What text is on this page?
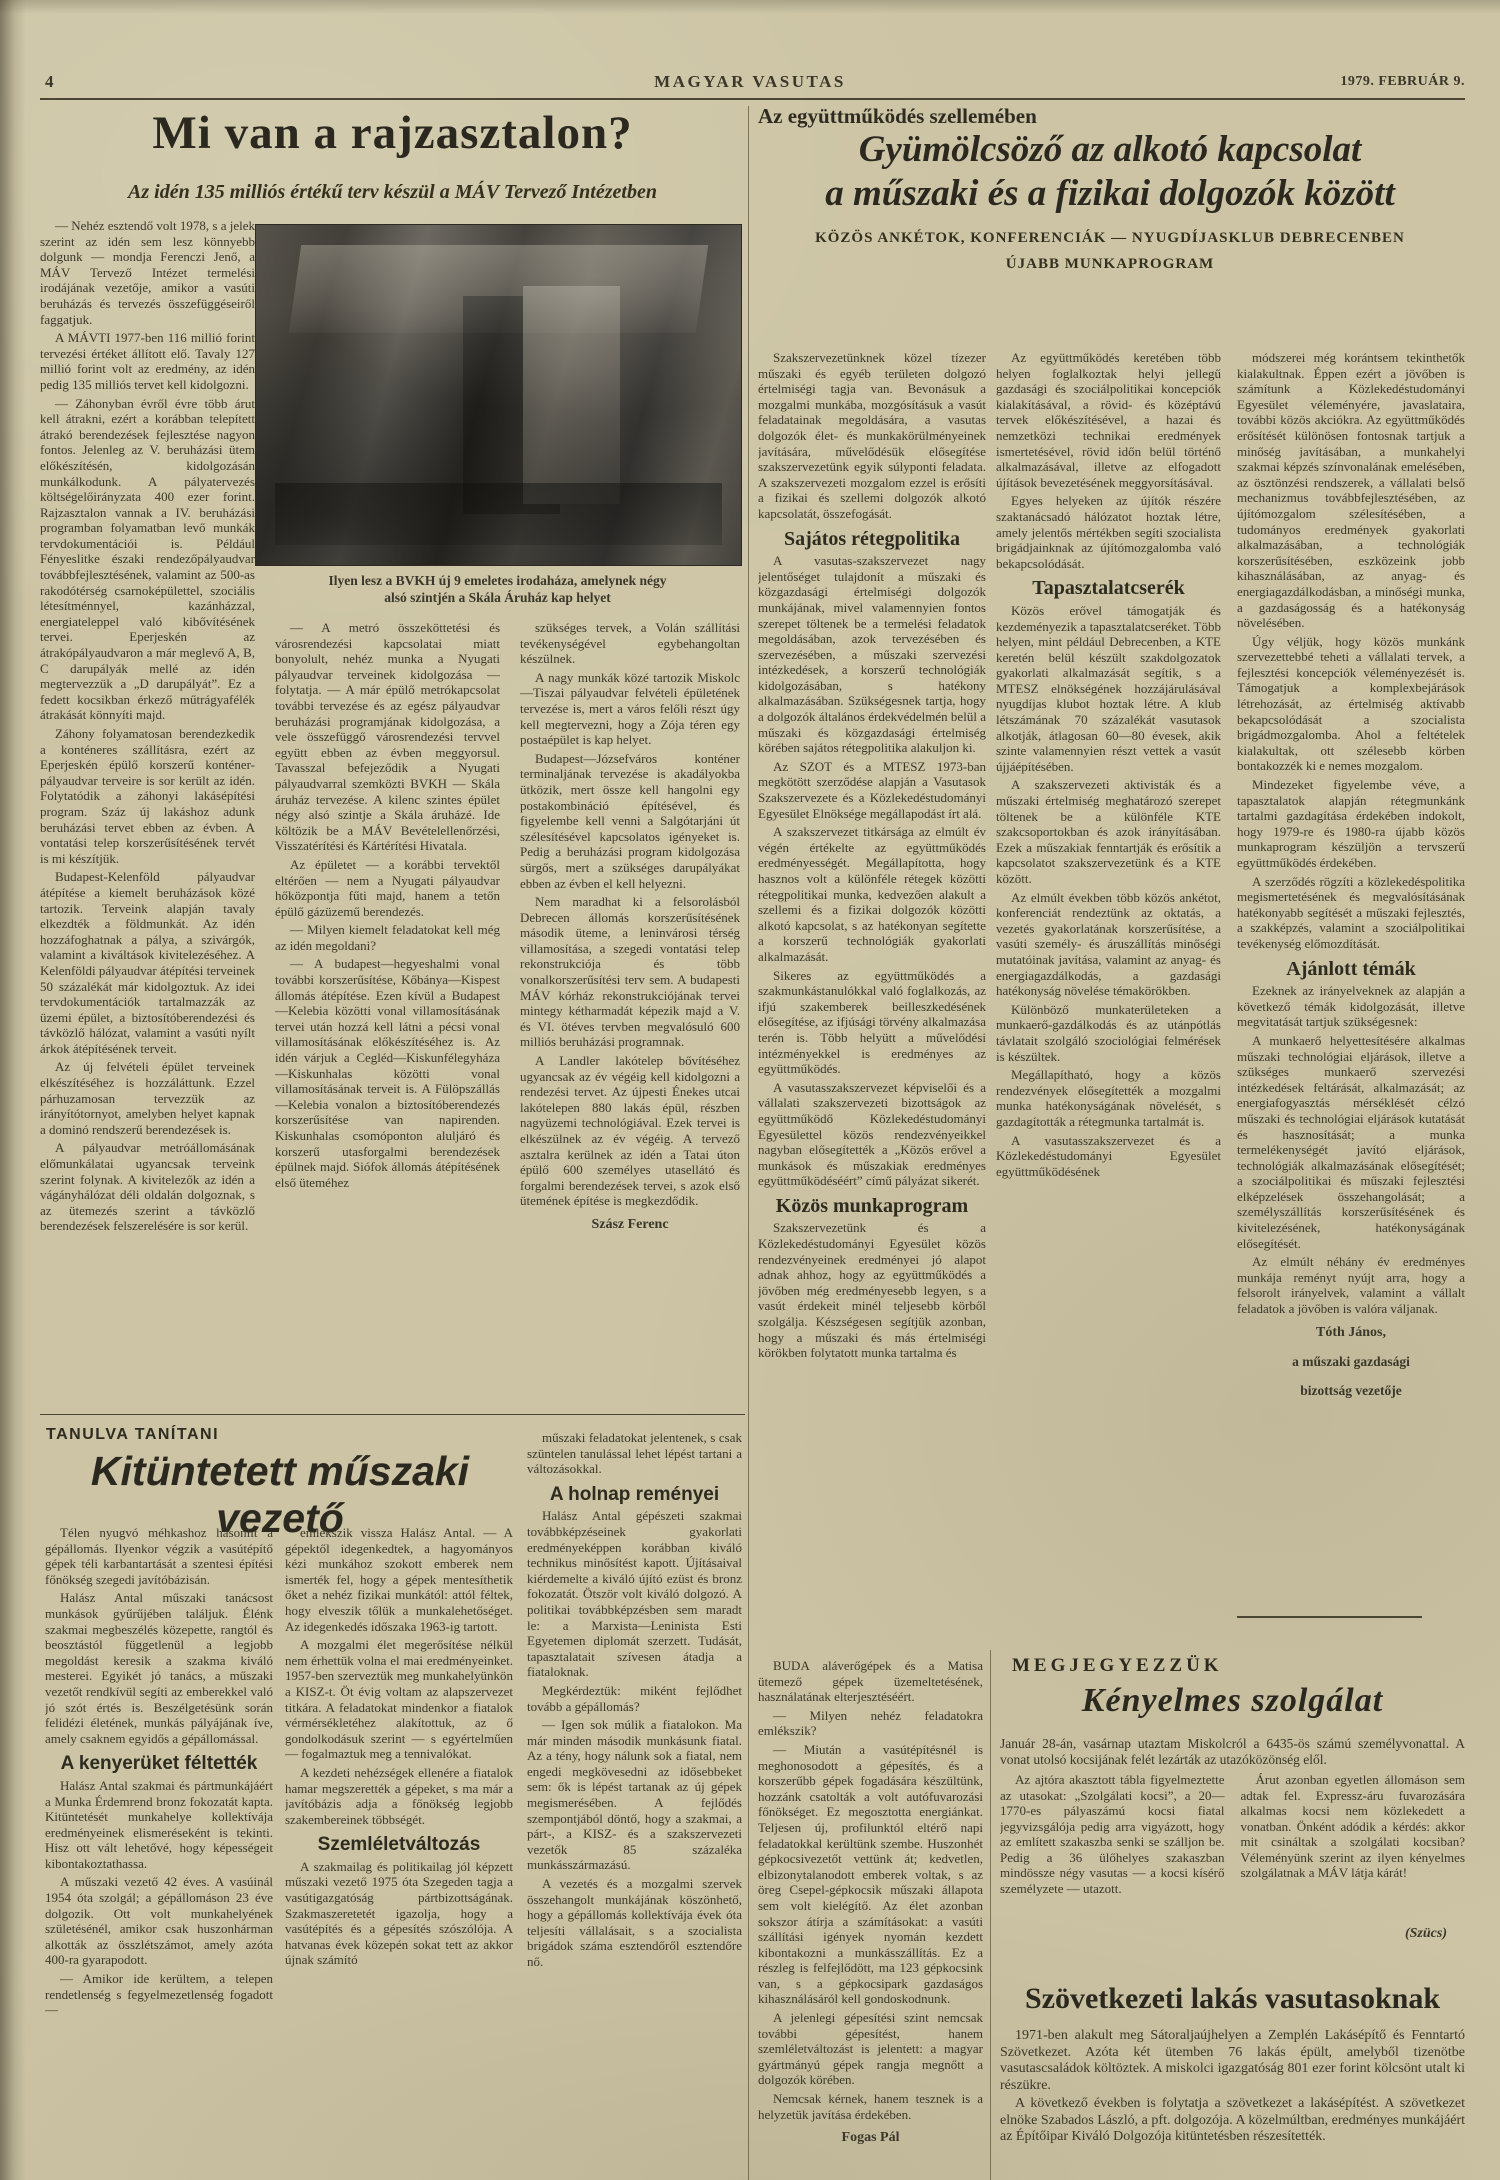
4	MAGYAR VASUTAS	1979. FEBRUÁR 9.
Mi van a rajzasztalon?
Az idén 135 milliós értékű terv készül a MÁV Tervező Intézetben

— Nehéz esztendő volt 1978, s a jelek szerint az idén sem lesz könnyebb dolgunk — mondja Ferenczi Jenő, a MÁV Tervező Intézet termelési irodájának vezetője, amikor a vasúti beruházás és tervezés összefüggéseiről faggatjuk.

A MÁVTI 1977-ben 116 millió forint tervezési értéket állított elő. Tavaly 127 millió forint volt az eredmény, az idén pedig 135 milliós tervet kell kidolgozni.

— Záhonyban évről évre több árut kell átrakni, ezért a korábban telepített átrakó berendezések fejlesztése nagyon fontos. Jelenleg az V. beruházási ütem előkészítésén, kidolgozásán munkálkodunk. A pályatervezés költségelőirányzata 400 ezer forint. Rajzasztalon vannak a IV. beruházási programban folyamatban levő munkák tervdokumentációi is. Például Fényeslitke északi rendezőpályaudvar továbbfejlesztésének, valamint az 500-as rakodótérség csarnoképülettel, szociális létesítménnyel, kazánházzal, energiateleppel való kibővítésének tervei. Eperjeskén az átrakópályaudvaron a már meglevő A, B, C darupályák mellé az idén megtervezzük a „D darupályát”. Ez a fedett kocsikban érkező műtrágyafélék átrakását könnyíti majd.

Záhony folyamatosan berendezkedik a konténeres szállításra, ezért az Eperjeskén épülő korszerű konténer-pályaudvar terveire is sor került az idén. Folytatódik a záhonyi lakásépítési program. Száz új lakáshoz adunk beruházási tervet ebben az évben. A vontatási telep korszerűsítésének tervét is mi készítjük.

Budapest-Kelenföld pályaudvar átépítése a kiemelt beruházások közé tartozik. Terveink alapján tavaly elkezdték a földmunkát. Az idén hozzáfoghatnak a pálya, a szivárgók, valamint a kiváltások kivitelezéséhez. A Kelenföldi pályaudvar átépítési terveinek 50 százalékát már kidolgoztuk. Az idei tervdokumentációk tartalmazzák az üzemi épület, a biztosítóberendezési és távközlő hálózat, valamint a vasúti nyílt árkok átépítésének terveit.

Az új felvételi épület terveinek elkészítéséhez is hozzáláttunk. Ezzel párhuzamosan tervezzük az irányítótornyot, amelyben helyet kapnak a dominó rendszerű berendezések is.

A pályaudvar metróállomásának előmunkálatai ugyancsak terveink szerint folynak. A kivitelezők az idén a vágányhálózat déli oldalán dolgoznak, s az ütemezés szerint a távközlő berendezések felszerelésére is sor kerül.

Ilyen lesz a BVKH új 9 emeletes irodaháza, amelynek négy
alsó szintjén a Skála Áruház kap helyet

— A metró összeköttetési és városrendezési kapcsolatai miatt bonyolult, nehéz munka a Nyugati pályaudvar terveinek kidolgozása — folytatja. — A már épülő metrókapcsolat további tervezése és az egész pályaudvar beruházási programjának kidolgozása, a vele összefüggő városrendezési tervvel együtt ebben az évben meggyorsul. Tavasszal befejeződik a Nyugati pályaudvarral szemközti BVKH — Skála áruház tervezése. A kilenc szintes épület négy alsó szintje a Skála áruházé. Ide költözik be a MÁV Bevételellenőrzési, Visszatérítési és Kártérítési Hivatala.

Az épületet — a korábbi tervektől eltérően — nem a Nyugati pályaudvar hőközpontja fűti majd, hanem a tetőn épülő gázüzemű berendezés.

— Milyen kiemelt feladatokat kell még az idén megoldani?

— A budapest—hegyeshalmi vonal további korszerűsítése, Kőbánya—Kispest állomás átépítése. Ezen kívül a Budapest—Kelebia közötti vonal villamosításának tervei után hozzá kell látni a pécsi vonal villamosításának előkészítéséhez is. Az idén várjuk a Cegléd—Kiskunfélegyháza—Kiskunhalas közötti vonal villamosításának terveit is. A Fülöpszállás—Kelebia vonalon a biztosítóberendezés korszerűsítése van napirenden. Kiskunhalas csomóponton aluljáró és korszerű utasforgalmi berendezések épülnek majd. Siófok állomás átépítésének első üteméhez

szükséges tervek, a Volán szállítási tevékenységével egybehangoltan készülnek.

A nagy munkák közé tartozik Miskolc—Tiszai pályaudvar felvételi épületének tervezése is, mert a város felőli részt úgy kell megtervezni, hogy a Zója téren egy postaépület is kap helyet.

Budapest—Józsefváros konténer terminaljának tervezése is akadályokba ütközik, mert össze kell hangolni egy postakombináció építésével, és figyelembe kell venni a Salgótarjáni út szélesítésével kapcsolatos igényeket is. Pedig a beruházási program kidolgozása sürgős, mert a szükséges darupályákat ebben az évben el kell helyezni.

Nem maradhat ki a felsorolásból Debrecen állomás korszerűsítésének második üteme, a leninvárosi térség villamosítása, a szegedi vontatási telep rekonstrukciója és több vonalkorszerűsítési terv sem. A budapesti MÁV kórház rekonstrukciójának tervei mintegy kétharmadát képezik majd a V. és VI. ötéves tervben megvalósuló 600 milliós beruházási programnak.

A Landler lakótelep bővítéséhez ugyancsak az év végéig kell kidolgozni a rendezési tervet. Az újpesti Énekes utcai lakótelepen 880 lakás épül, részben nagyüzemi technológiával. Ezek tervei is elkészülnek az év végéig. A tervező asztalra kerülnek az idén a Tatai úton épülő 600 személyes utasellátó és forgalmi berendezések tervei, s azok első ütemének építése is megkezdődik.

Szász Ferenc

Az együttműködés szellemében
Gyümölcsöző az alkotó kapcsolat
a műszaki és a fizikai dolgozók között
KÖZÖS ANKÉTOK, KONFERENCIÁK — NYUGDÍJASKLUB DEBRECENBEN
ÚJABB MUNKAPROGRAM

Szakszervezetünknek közel tízezer műszaki és egyéb területen dolgozó értelmiségi tagja van. Bevonásuk a mozgalmi munkába, mozgósításuk a vasút feladatainak megoldására, a vasutas dolgozók élet- és munkakörülményeinek javítására, művelődésük elősegítése szakszervezetünk egyik súlyponti feladata. A szakszervezeti mozgalom ezzel is erősíti a fizikai és szellemi dolgozók alkotó kapcsolatát, összefogását.

Sajátos rétegpolitika

A vasutas-szakszervezet nagy jelentőséget tulajdonít a műszaki és közgazdasági értelmiségi dolgozók munkájának, mivel valamennyien fontos szerepet töltenek be a termelési feladatok megoldásában, azok tervezésében és szervezésében, a műszaki szervezési intézkedések, a korszerű technológiák kidolgozásában, s hatékony alkalmazásában. Szükségesnek tartja, hogy a dolgozók általános érdekvédelmén belül a műszaki és közgazdasági értelmiség körében sajátos rétegpolitika alakuljon ki.

Az SZOT és a MTESZ 1973-ban megkötött szerződése alapján a Vasutasok Szakszervezete és a Közlekedéstudományi Egyesület Elnöksége megállapodást írt alá.

A szakszervezet titkársága az elmúlt év végén értékelte az együttműködés eredményességét. Megállapította, hogy hasznos volt a különféle rétegek közötti rétegpolitikai munka, kedvezően alakult a szellemi és a fizikai dolgozók közötti alkotó kapcsolat, s az hatékonyan segítette a korszerű technológiák gyakorlati alkalmazását.

Sikeres az együttműködés a szakmunkástanulókkal való foglalkozás, az ifjú szakemberek beilleszkedésének elősegítése, az ifjúsági törvény alkalmazása terén is. Több helyütt a művelődési intézményekkel is eredményes az együttműködés.

A vasutasszakszervezet képviselői és a vállalati szakszervezeti bizottságok az együttműködő Közlekedéstudományi Egyesülettel közös rendezvényeikkel nagyban elősegítették a „Közös erővel a munkások és műszakiak eredményes együttműködéséért” című pályázat sikerét.

Közös munkaprogram

Szakszervezetünk és a Közlekedéstudományi Egyesület közös rendezvényeinek eredményei jó alapot adnak ahhoz, hogy az együttműködés a jövőben még eredményesebb legyen, s a vasút érdekeit minél teljesebb körből szolgálja. Készségesen segítjük azonban, hogy a műszaki és más értelmiségi körökben folytatott munka tartalma és

Az együttműködés keretében több helyen foglalkoztak helyi jellegű gazdasági és szociálpolitikai koncepciók kialakításával, a rövid- és középtávú tervek előkészítésével, a hazai és nemzetközi technikai eredmények ismertetésével, rövid időn belül történő alkalmazásával, illetve az elfogadott újítások bevezetésének meggyorsításával.

Egyes helyeken az újítók részére szaktanácsadó hálózatot hoztak létre, amely jelentős mértékben segíti szocialista brigádjainknak az újítómozgalomba való bekapcsolódását.

Tapasztalatcserék

Közös erővel támogatják és kezdeményezik a tapasztalatcseréket. Több helyen, mint például Debrecenben, a KTE keretén belül készült szakdolgozatok gyakorlati alkalmazását segítik, s a MTESZ elnökségének hozzájárulásával nyugdíjas klubot hoztak létre. A klub létszámának 70 százalékát vasutasok alkotják, átlagosan 60—80 évesek, akik szinte valamennyien részt vettek a vasút újjáépítésében.

A szakszervezeti aktivisták és a műszaki értelmiség meghatározó szerepet töltenek be a különféle KTE szakcsoportokban és azok irányításában. Ezek a műszakiak fenntartják és erősítik a kapcsolatot szakszervezetünk és a KTE között.

Az elmúlt években több közös ankétot, konferenciát rendeztünk az oktatás, a vezetés gyakorlatának korszerűsítése, a vasúti személy- és áruszállítás minőségi mutatóinak javítása, valamint az anyag- és energiagazdálkodás, a gazdasági hatékonyság növelése témakörökben.

Különböző munkaterületeken a munkaerő-gazdálkodás és az utánpótlás távlatait szolgáló szociológiai felmérések is készültek.

Megállapítható, hogy a közös rendezvények elősegítették a mozgalmi munka hatékonyságának növelését, s gazdagították a rétegmunka tartalmát is.

A vasutasszakszervezet és a Közlekedéstudományi Egyesület együttműködésének

módszerei még korántsem tekinthetők kialakultnak. Éppen ezért a jövőben is számítunk a Közlekedéstudományi Egyesület véleményére, javaslataira, további közös akciókra. Az együttműködés erősítését különösen fontosnak tartjuk a minőség javításában, a munkahelyi szakmai képzés színvonalának emelésében, az ösztönzési rendszerek, a vállalati belső mechanizmus továbbfejlesztésében, az újítómozgalom szélesítésében, a tudományos eredmények gyakorlati alkalmazásában, a technológiák korszerűsítésében, eszközeink jobb kihasználásában, az anyag- és energiagazdálkodásban, a minőségi munka, a gazdaságosság és a hatékonyság növelésében.

Úgy véljük, hogy közös munkánk szervezettebbé teheti a vállalati tervek, a fejlesztési koncepciók véleményezését is. Támogatjuk a komplexbejárások létrehozását, az értelmiség aktívabb bekapcsolódását a szocialista brigádmozgalomba. Ahol a feltételek kialakultak, ott szélesebb körben bontakozzék ki e nemes mozgalom.

Mindezeket figyelembe véve, a tapasztalatok alapján rétegmunkánk tartalmi gazdagítása érdekében indokolt, hogy 1979-re és 1980-ra újabb közös munkaprogram készüljön a tervszerű együttműködés érdekében.

A szerződés rögzíti a közlekedéspolitika megismertetésének és megvalósításának hatékonyabb segítését a műszaki fejlesztés, a szakképzés, valamint a szociálpolitikai tevékenység előmozdítását.

Ajánlott témák

Ezeknek az irányelveknek az alapján a következő témák kidolgozását, illetve megvitatását tartjuk szükségesnek:

A munkaerő helyettesítésére alkalmas műszaki technológiai eljárások, illetve a szükséges munkaerő szervezési intézkedések feltárását, alkalmazását; az energiafogyasztás mérséklését célzó műszaki és technológiai eljárások kutatását és hasznosítását; a munka termelékenységét javító eljárások, technológiák alkalmazásának elősegítését; a szociálpolitikai és műszaki fejlesztési elképzelések összehangolását; a személyszállítás korszerűsítésének és kivitelezésének, hatékonyságának elősegítését.

Az elmúlt néhány év eredményes munkája reményt nyújt arra, hogy a felsorolt irányelvek, valamint a vállalt feladatok a jövőben is valóra váljanak.

Tóth János,

a műszaki gazdasági

bizottság vezetője

TANULVA TANÍTANI
Kitüntetett műszaki vezető

Télen nyugvó méhkashoz hasonlít a gépállomás. Ilyenkor végzik a vasútépítő gépek téli karbantartását a szentesi építési főnökség szegedi javítóbázisán.

Halász Antal műszaki tanácsost munkások gyűrűjében találjuk. Élénk szakmai megbeszélés közepette, rangtól és beosztástól függetlenül a legjobb megoldást keresik a szakma kiváló mesterei. Egyikét jó tanács, a műszaki vezetőt rendkívül segíti az emberekkel való jó szót értés is. Beszélgetésünk során felidézi életének, munkás pályájának íve, amely csaknem egyidős a gépállomással.

A kenyerüket féltették

Halász Antal szakmai és pártmunkájáért a Munka Érdemrend bronz fokozatát kapta. Kitüntetését munkahelye kollektívája eredményeinek elismeréseként is tekinti. Hisz ott vált lehetővé, hogy képességeit kibontakoztathassa.

A műszaki vezető 42 éves. A vasúinál 1954 óta szolgál; a gépállomáson 23 éve dolgozik. Ott volt munkahelyének születésénél, amikor csak huszonhárman alkották az összlétszámot, amely azóta 400-ra gyarapodott.

— Amikor ide kerültem, a telepen rendetlenség s fegyelmezetlenség fogadott —

emlékszik vissza Halász Antal. — A gépektől idegenkedtek, a hagyományos kézi munkához szokott emberek nem ismerték fel, hogy a gépek mentesíthetik őket a nehéz fizikai munkától: attól féltek, hogy elveszik tőlük a munkalehetőséget. Az idegenkedés időszaka 1963-ig tartott.

A mozgalmi élet megerősítése nélkül nem érhettük volna el mai eredményeinket. 1957-ben szerveztük meg munkahelyünkön a KISZ-t. Öt évig voltam az alapszervezet titkára. A feladatokat mindenkor a fiatalok vérmérsékletéhez alakítottuk, az ő gondolkodásuk szerint — s egyértelműen — fogalmaztuk meg a tennivalókat.

A kezdeti nehézségek ellenére a fiatalok hamar megszerették a gépeket, s ma már a javítóbázis adja a főnökség legjobb szakembereinek többségét.

Szemléletváltozás

A szakmailag és politikailag jól képzett műszaki vezető 1975 óta Szegeden tagja a vasútigazgatóság pártbizottságának. Szakmaszeretetét igazolja, hogy a vasútépítés és a gépesítés szószólója. A hatvanas évek közepén sokat tett az akkor újnak számító

műszaki feladatokat jelentenek, s csak szüntelen tanulással lehet lépést tartani a változásokkal.

A holnap reményei

Halász Antal gépészeti szakmai továbbképzéseinek gyakorlati eredményeképpen korábban kiváló technikus minősítést kapott. Újításaival kiérdemelte a kiváló újító ezüst és bronz fokozatát. Ötször volt kiváló dolgozó. A politikai továbbképzésben sem maradt le: a Marxista—Leninista Esti Egyetemen diplomát szerzett. Tudását, tapasztalatait szívesen átadja a fiataloknak.

Megkérdeztük: miként fejlődhet tovább a gépállomás?

— Igen sok múlik a fiatalokon. Ma már minden második munkásunk fiatal. Az a tény, hogy nálunk sok a fiatal, nem engedi megkövesedni az idősebbeket sem: ők is lépést tartanak az új gépek megismerésében. A fejlődés szempontjából döntő, hogy a szakmai, a párt-, a KISZ- és a szakszervezeti vezetők 85 százaléka munkásszármazású.

A vezetés és a mozgalmi szervek összehangolt munkájának köszönhető, hogy a gépállomás kollektívája évek óta teljesíti vállalásait, s a szocialista brigádok száma esztendőről esztendőre nő.

BUDA aláverőgépek és a Matisa ütemező gépek üzemeltetésének, használatának elterjesztéséért.

— Milyen nehéz feladatokra emlékszik?

— Miután a vasútépítésnél is meghonosodott a gépesítés, és a korszerűbb gépek fogadására készültünk, hozzánk csatolták a volt autófuvarozási főnökséget. Ez megosztotta energiánkat. Teljesen új, profilunktól eltérő napi feladatokkal kerültünk szembe. Huszonhét gépkocsivezetőt vettünk át; kedvetlen, elbizonytalanodott emberek voltak, s az öreg Csepel-gépkocsik műszaki állapota sem volt kielégítő. Az élet azonban sokszor átírja a számításokat: a vasúti szállítási igények nyomán kezdett kibontakozni a munkásszállítás. Ez a részleg is felfejlődött, ma 123 gépkocsink van, s a gépkocsipark gazdaságos kihasználásáról kell gondoskodnunk.

A jelenlegi gépesítési szint nemcsak további gépesítést, hanem szemléletváltozást is jelentett: a magyar gyártmányú gépek rangja megnőtt a dolgozók körében.

Nemcsak kérnek, hanem tesznek is a helyzetük javítása érdekében.

Fogas Pál

MEGJEGYEZZÜK
Kényelmes szolgálat
Január 28-án, vasárnap utaztam Miskolcról a 6435-ös számú személyvonattal. A vonat utolsó kocsijának felét lezárták az utazóközönség elől.

Az ajtóra akasztott tábla figyelmeztette az utasokat: „Szolgálati kocsi”, a 20—1770-es pályaszámú kocsi fiatal jegyvizsgálója pedig arra vigyázott, hogy az említett szakaszba senki se szálljon be. Pedig a 36 ülőhelyes szakaszban mindössze négy vasutas — a kocsi kísérő személyzete — utazott.

Árut azonban egyetlen állomáson sem adtak fel. Expressz-áru fuvarozására alkalmas kocsi nem közlekedett a vonatban. Önként adódik a kérdés: akkor mit csináltak a szolgálati kocsiban? Véleményünk szerint az ilyen kényelmes szolgálatnak a MÁV látja kárát!

(Szücs)
Szövetkezeti lakás vasutasoknak

1971-ben alakult meg Sátoraljaújhelyen a Zemplén Lakásépítő és Fenntartó Szövetkezet. Azóta két ütemben 76 lakás épült, amelyből tizenötbe vasutascsaládok költöztek. A miskolci igazgatóság 801 ezer forint kölcsönt utalt ki részükre.

A következő években is folytatja a szövetkezet a lakásépítést. A szövetkezet elnöke Szabados László, a pft. dolgozója. A közelmúltban, eredményes munkájáért az Építőipar Kiváló Dolgozója kitüntetésben részesítették.
